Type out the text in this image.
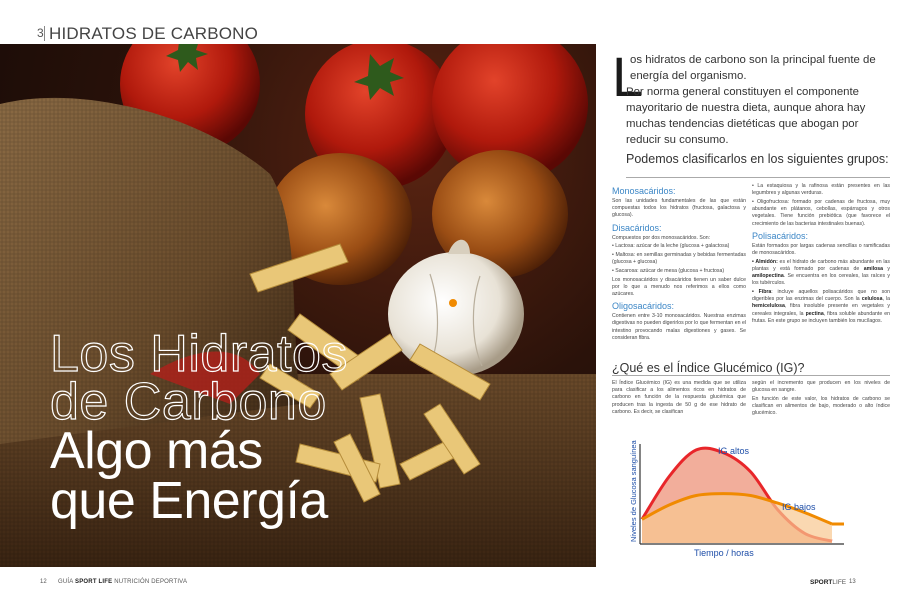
3 HIDRATOS DE CARBONO
Los Hidratos
de Carbono
Algo más
que Energía
L
os hidratos de carbono son la principal fuente de energía del organismo.
Por norma general constituyen el componente mayoritario de nuestra dieta, aunque ahora hay muchas tendencias dietéticas que abogan por reducir su consumo.
Podemos clasificarlos en los siguientes grupos:
Monosacáridos:

Son las unidades fundamentales de las que están compuestas todos los hidratos (fructosa, galactosa y glucosa).

Disacáridos:

Compuestos por dos monosacáridos. Son:

• Lactosa: azúcar de la leche (glucosa + galactosa)

• Maltosa: en semillas germinadas y bebidas fermentadas (glucosa + glucosa)

• Sacarosa: azúcar de mesa (glucosa + fructosa)

Los monosacáridos y disacáridos tienen un saber dulce por lo que a menudo nos referimos a ellos como azúcares.

Oligosacáridos:

Contienen entre 3-10 monosacáridos. Nuestras enzimas digestivas no pueden digerirlos por lo que fermentan en el intestino provocando malas digestiones y gases. Se consideran fibra.

• La estaquiosa y la rafinosa están presentes en las legumbres y algunas verduras.

• Oligofructosa: formado por cadenas de fructosa, muy abundante en plátanos, cebollas, espárragos y otros vegetales. Tiene función prebiótica (que favorece el crecimiento de las bacterias intestinales buenas).

Polisacáridos:

Están formados por largas cadenas sencillas o ramificadas de monosacáridos.

• Almidón: es el hidrato de carbono más abundante en las plantas y está formado por cadenas de amilosa y amilopectina. Se encuentra en los cereales, las raíces y los tubérculos.

• Fibra: incluye aquellos polisacáridos que no son digeribles por las enzimas del cuerpo. Son la celulosa, la hemicelulosa, fibra insoluble presente en vegetales y cereales integrales, la pectina, fibra soluble abundante en frutas. En este grupo se incluyen también los mucílagos.

¿Qué es el Índice Glucémico (IG)?

El Índice Glucémico (IG) es una medida que se utiliza para clasificar a los alimentos ricos en hidratos de carbono en función de la respuesta glucémica que producen tras la ingesta de 50 g de ese hidrato de carbono. Es decir, se clasifican

según el incremento que producen en los niveles de glucosa en sangre.

En función de este valor, los hidratos de carbono se clasifican en alimentos de bajo, moderado o alto índice glucémico.

Niveles de Glucosa sanguínea
Tiempo / horas
IG altos
IG bajos
12 GUÍA SPORT LIFE NUTRICIÓN DEPORTIVA	SPORTLIFE 13
